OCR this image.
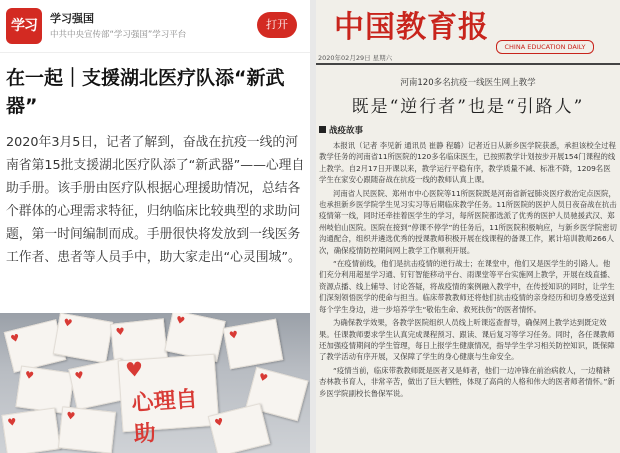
学习	学习强国
中共中央宣传部“学习强国”学习平台
打开
在一起｜支援湖北医疗队添“新武器”
2020年3月5日，记者了解到，奋战在抗疫一线的河南省第15批支援湖北医疗队添了“新武器”——心理自助手册。该手册由医疗队根据心理援助情况，总结各个群体的心理需求特征，归纳临床比较典型的求助问题，第一时间编制而成。手册很快将发放到一线医务工作者、患者等人员手中，助大家走出“心灵围城”。
♥
♥
♥
♥
♥
♥	♥	♥
♥
♥
♥
心理自助	♥
中国教育报
CHINA EDUCATION DAILY
2020年02月29日 星期六
河南120多名抗疫一线医生网上教学
既是“逆行者”也是“引路人”
战疫故事

本报讯（记者 李见新 通讯员 崔静 程璐）记者近日从新乡医学院获悉，承担该校全过程教学任务的河南省11所医院的120多名临床医生，已按照教学计划按步开展154门课程的线上教学。自2月17日开课以来，教学运行平稳有序，教学质量不减、标准不降，1209名医学生在家安心跟随奋战在抗疫一线的教师认真上课。

河南省人民医院、郑州市中心医院等11所医院既是河南省新冠肺炎医疗救治定点医院，也承担新乡医学院学生见习实习等后期临床教学任务。11所医院的医护人员日夜奋战在抗击疫情第一线，同时还牵挂着医学生的学习，每所医院都选派了优秀的医护人员驰援武汉、郑州岐伯山医院。医院在接到“停课不停学”的任务后，11所医院积极响应，与新乡医学院密切沟通配合，组织并遴选优秀的授课教师积极开展在线课程的备课工作，累计培训教师266人次，确保疫情防控期间网上教学工作顺利开展。

“在疫情前线，他们是抗击疫情的逆行战士；在课堂中，他们又是医学生的引路人。他们充分利用超星学习通、钉钉智能移动平台、雨课堂等平台实施网上教学，开展在线直播、资源点播、线上辅导、讨论答疑，将战疫情的案例融入教学中，在传授知识的同时，让学生们深刻领悟医学的使命与担当。临床带教教师还将他们抗击疫情的亲身经历和切身感受送到每个学生身边，进一步培养学生“敬佑生命、救死扶伤”的医者情怀。

为确保教学效果，各教学医院组织人员线上听课巡查督导，确保网上教学达到既定效果。任课教师要求学生认真完成课程预习、跟读、课后复习等学习任务。同时，各任课教师还加强疫情期间的学生管理，每日上报学生健康情况，指导学生学习相关防控知识，既保障了教学活动有序开展，又保障了学生的身心健康与生命安全。

“疫情当前，临床带教教师既是医者又是师者，他们一边冲锋在前治病救人，一边精耕杏林教书育人，非常辛苦，做出了巨大牺牲，体现了高尚的人格和伟大的医者师者情怀。”新乡医学院副校长鲁保军说。
